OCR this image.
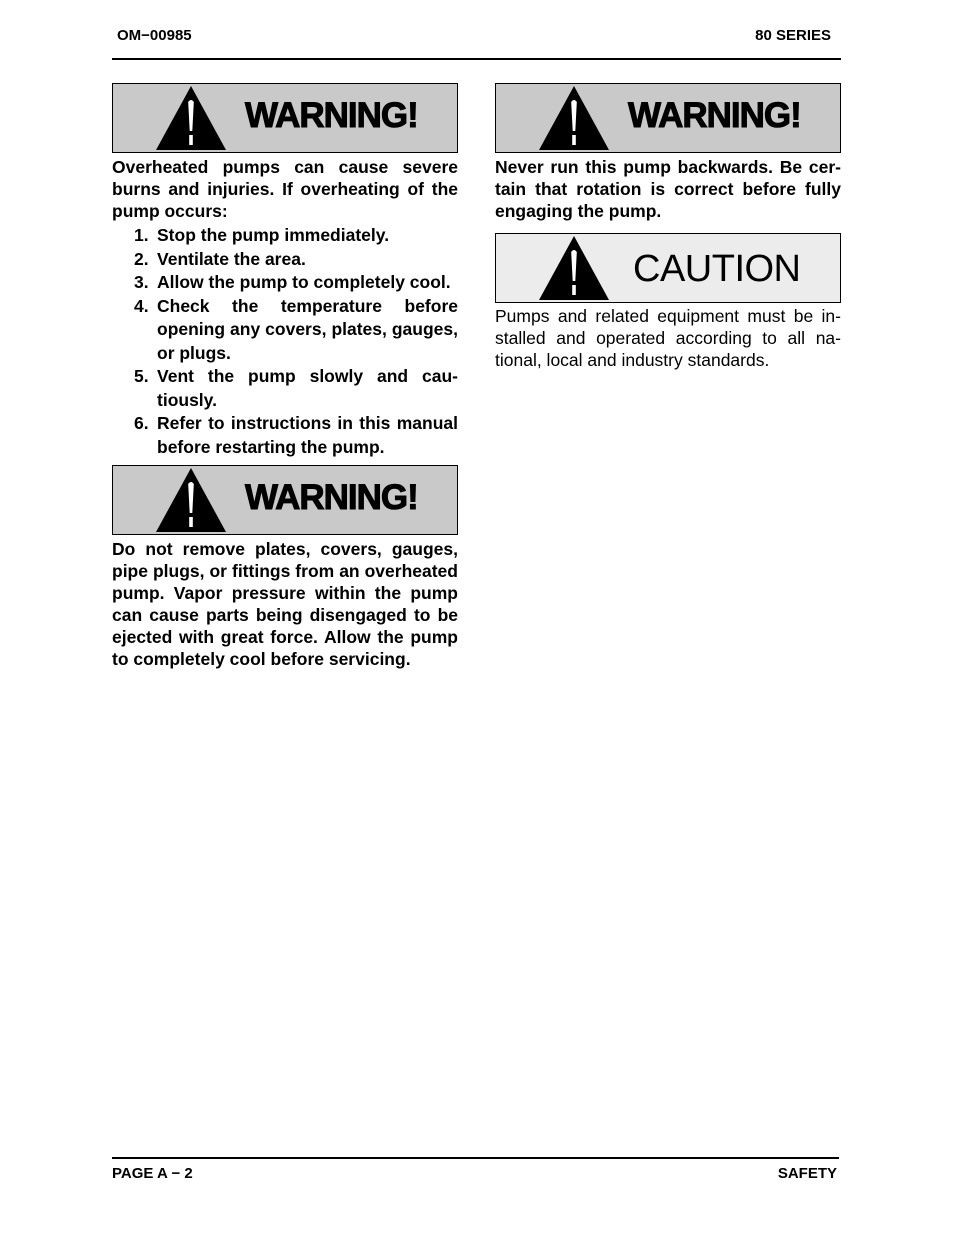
OM−00985	80 SERIES
WARNING!

Overheated pumps can cause severe burns and injuries. If overheating of the pump occurs:

1. Stop the pump immediately.
2. Ventilate the area.
3. Allow the pump to completely cool.
4. Check the temperature before opening any covers, plates, gauges, or plugs.
5. Vent the pump slowly and cautiously.
6. Refer to instructions in this manual before restarting the pump.
WARNING!

Do not remove plates, covers, gauges, pipe plugs, or fittings from an overheated pump. Vapor pressure within the pump can cause parts being disengaged to be ejected with great force. Allow the pump to completely cool before servicing.

WARNING!

Never run this pump backwards. Be certain that rotation is correct before fully engaging the pump.

CAUTION

Pumps and related equipment must be installed and operated according to all national, local and industry standards.

PAGE A − 2	SAFETY
